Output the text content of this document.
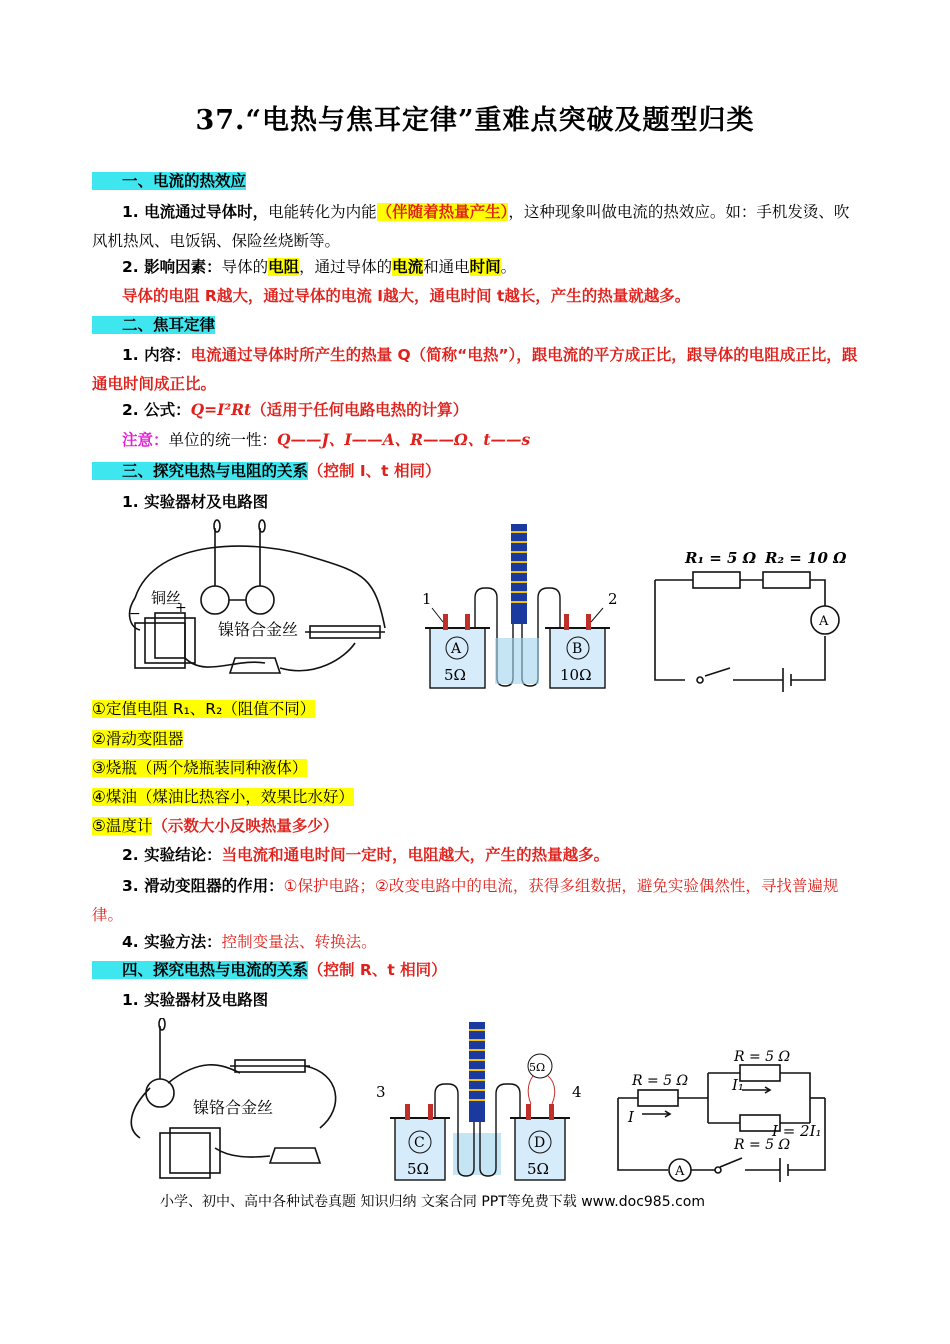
37.“电热与焦耳定律”重难点突破及题型归类
一、电流的热效应
1. 电流通过导体时，电能转化为内能（伴随着热量产生），这种现象叫做电流的热效应。如：手机发烫、吹风机热风、电饭锅、保险丝烧断等。
2. 影响因素：导体的电阻，通过导体的电流和通电时间。
导体的电阻 R越大，通过导体的电流 I越大，通电时间 t越长，产生的热量就越多。
二、焦耳定律
1. 内容：电流通过导体时所产生的热量 Q（简称“电热”），跟电流的平方成正比，跟导体的电阻成正比，跟通电时间成正比。
2. 公式：Q=I²Rt（适用于任何电路电热的计算）
注意：单位的统一性：Q——J、I——A、R——Ω、t——s
三、探究电热与电阻的关系（控制 I、t 相同）
1. 实验器材及电路图
铜丝
镍铬合金丝
− +	1	2
A	B
5Ω	10Ω
R₁ = 5 Ω R₂ = 10 Ω
A
①定值电阻 R₁、R₂（阻值不同）
②滑动变阻器
③烧瓶（两个烧瓶装同种液体）
④煤油（煤油比热容小，效果比水好）
⑤温度计（示数大小反映热量多少）
2. 实验结论：当电流和通电时间一定时，电阻越大，产生的热量越多。
3. 滑动变阻器的作用：①保护电路；②改变电路中的电流，获得多组数据，避免实验偶然性，寻找普遍规律。
4. 实验方法：控制变量法、转换法。
四、探究电热与电流的关系（控制 R、t 相同）
1. 实验器材及电路图
镍铬合金丝
3	4
C	D
5Ω	5Ω
5Ω
R = 5 Ω
R = 5 Ω
R = 5 Ω
I
I₁
I = 2I₁
A
小学、初中、高中各种试卷真题 知识归纳 文案合同 PPT等免费下载 www.doc985.com
